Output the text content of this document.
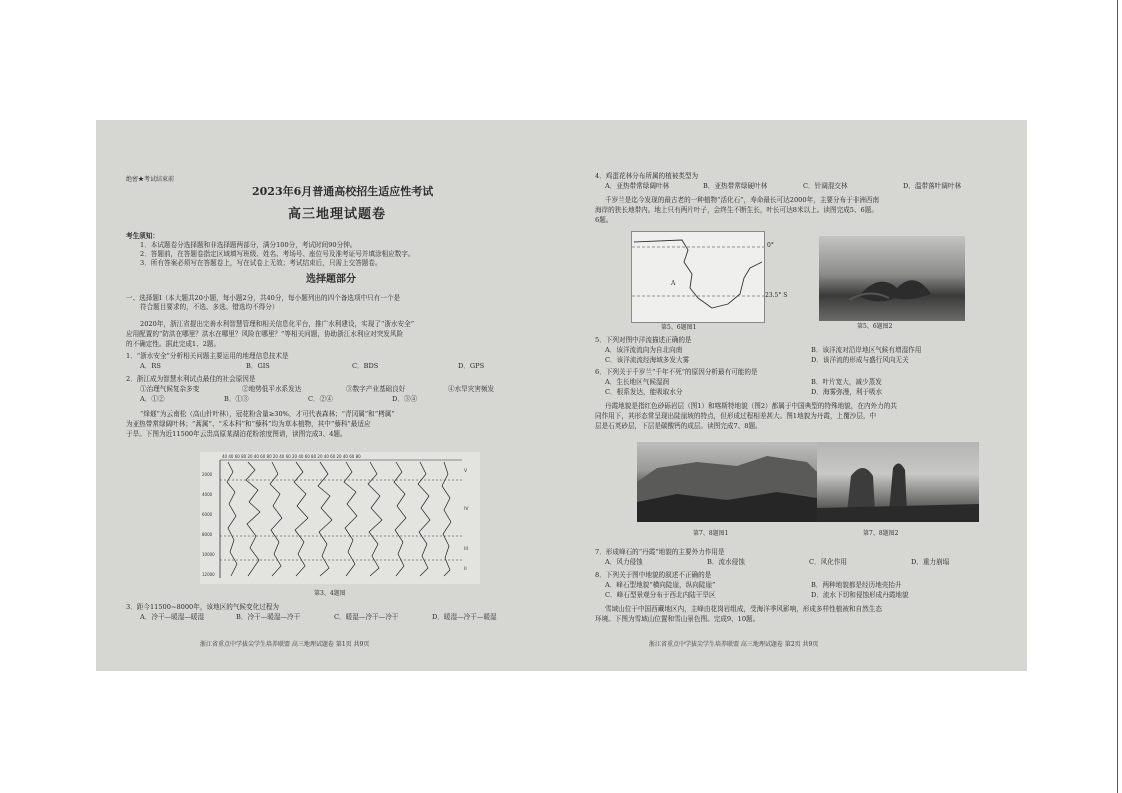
绝密★考试结束前
2023年6月普通高校招生适应性考试
高三地理试题卷
考生须知：
1．本试题卷分选择题和非选择题两部分，满分100分，考试时间90分钟。
2．答题前，在答题卷指定区域填写班级、姓名、考场号、座位号及准考证号并填涂相应数字。
3．所有答案必须写在答题卷上，写在试卷上无效；考试结束后，只需上交答题卷。
选择题部分
一、选择题Ⅰ（本大题共20小题，每小题2分，共40分，每小题列出的四个备选项中只有一个是
符合题目要求的，不选、多选、错选均不得分）
2020年，浙江省提出完善水利智慧管理和相关信息化平台，推广水利建设，实现了“浙水安全”
应用配置的“防洪在哪里？洪水在哪里？风险在哪里？”等相关问题，协助浙江水利应对突发风险
的不确定性。据此完成1、2题。
1．“浙水安全”分析相关问题主要运用的地理信息技术是
A．RS	B．GIS	C．BDS	D．GPS
2．浙江成为智慧水利试点最佳的社会原因是
①治理气候复杂多变	②地势低平水系发达	③数字产业基础良好	④水旱灾害频发
A．①②	B．①③	C．②④	D．③④
“烽燧”为云南松（高山针叶林），冠花粉含量≥30%，才可代表森林；“青冈属”和“栲属”
为亚热带常绿阔叶林；“蒿属”、“禾本科”和“藜科”均为草本植物，其中“藜科”最适应
于旱。下图为近11500年云贵高原某湖泊花粉浓度图谱，读图完成3、4题。
40 40 60 80 20 40 60 80 20 40 60 20 40 60 80 20 40 60 20 40 60 80
2000
4000
6000
8000
10000
12000
V
IV
III
II
第3、4题图
3．距今11500~8000年，该地区的气候变化过程为
A．冷干—暖湿—暖湿	B．冷干—暖湿—冷干	C．暖湿—冷干—冷干	D．暖湿—冷干—暖湿
浙江省重点中学拔尖学生培养联盟 高三地理试题卷 第1页 共9页
4．鸡蛋花林分布所属的植被类型为
A．亚热带常绿阔叶林	B．亚热带常绿硬叶林	C．针阔混交林	D．温带落叶阔叶林
千岁兰是迄今发现的最古老的一种植物“活化石”，寿命最长可达2000年，主要分布于非洲西南
海岸的狭长地带内。地上只有两片叶子，会终生不断生长，叶长可达8米以上。读图完成5、6题。
6题。
0°
23.5° S
A
第5、6题图1	第5、6题图2
5．下列对图中洋流描述正确的是
A．该洋流流向为自北向南	B．该洋流对沿岸地区气候有增湿作用
C．该洋流流经海域多发大雾	D．该洋流的形成与盛行风向无关
6．下列关于千岁兰“千年不死”的原因分析最有可能的是
A．生长地区气候湿润	B．叶片宽大，减少蒸发
C．根系发达，能吸取水分	D．海雾弥漫，利于吸水
丹霞地貌是指红色砂砾岩层（图1）和喀斯特地貌（图2）都属于中国典型的特殊地貌，在内外力的共
同作用下，其形态常呈现出陡崖坡的特点，但形成过程相差甚大。图1地貌为丹霞，上覆沙层，中
层是石英砂层，下层是碳酸钙的成层。读图完成7、8题。
第7、8题图1	第7、8题图2
7．形成峰石的“丹霞”地貌的主要外力作用是
A．风力侵蚀	B．流水侵蚀	C．风化作用	D．重力崩塌
8．下列关于图中地貌的叙述不正确的是
A．峰石型地貌“横向陡崖，纵向陡崖”	B．两种地貌都是经历地壳抬升
C．峰石型景观分布于西北内陆干旱区	D．流水下切和侵蚀形成丹霞地貌
雪域山位于中国西藏地区内，主峰由花岗岩组成，受海洋季风影响，形成多样性植被和自然生态
环境。下图为雪域山位置和雪山景色图。完成9、10题。
浙江省重点中学拔尖学生培养联盟 高三地理试题卷 第2页 共9页
